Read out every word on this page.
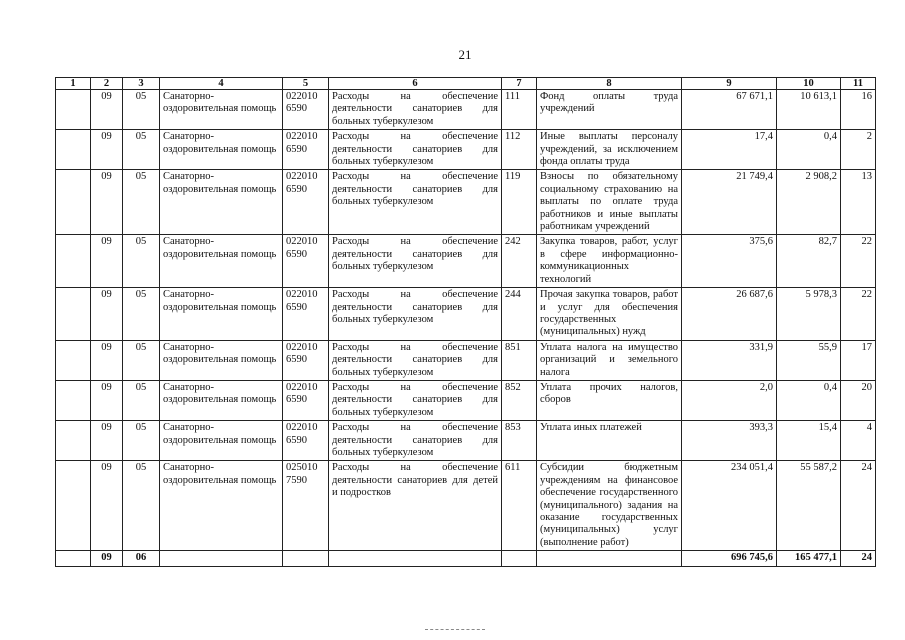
21
1	2	3	4	5	6	7	8	9	10	11
	09	05	Санаторно-оздоровительная помощь	022010 6590	Расходы на обеспечение деятельности санаториев для больных туберкулезом	111	Фонд оплаты труда учреждений	67 671,1	10 613,1	16
	09	05	Санаторно-оздоровительная помощь	022010 6590	Расходы на обеспечение деятельности санаториев для больных туберкулезом	112	Иные выплаты персоналу учреждений, за исключением фонда оплаты труда	17,4	0,4	2
	09	05	Санаторно-оздоровительная помощь	022010 6590	Расходы на обеспечение деятельности санаториев для больных туберкулезом	119	Взносы по обязательному социальному страхованию на выплаты по оплате труда работников и иные выплаты работникам учреждений	21 749,4	2 908,2	13
	09	05	Санаторно-оздоровительная помощь	022010 6590	Расходы на обеспечение деятельности санаториев для больных туберкулезом	242	Закупка товаров, работ, услуг в сфере информационно-коммуникационных технологий	375,6	82,7	22
	09	05	Санаторно-оздоровительная помощь	022010 6590	Расходы на обеспечение деятельности санаториев для больных туберкулезом	244	Прочая закупка товаров, работ и услуг для обеспечения государственных (муниципальных) нужд	26 687,6	5 978,3	22
	09	05	Санаторно-оздоровительная помощь	022010 6590	Расходы на обеспечение деятельности санаториев для больных туберкулезом	851	Уплата налога на имущество организаций и земельного налога	331,9	55,9	17
	09	05	Санаторно-оздоровительная помощь	022010 6590	Расходы на обеспечение деятельности санаториев для больных туберкулезом	852	Уплата прочих налогов, сборов	2,0	0,4	20
	09	05	Санаторно-оздоровительная помощь	022010 6590	Расходы на обеспечение деятельности санаториев для больных туберкулезом	853	Уплата иных платежей	393,3	15,4	4
	09	05	Санаторно-оздоровительная помощь	025010 7590	Расходы на обеспечение деятельности санаториев для детей и подростков	611	Субсидии бюджетным учреждениям на финансовое обеспечение государственного (муниципального) задания на оказание государственных (муниципальных) услуг (выполнение работ)	234 051,4	55 587,2	24
	09	06						696 745,6	165 477,1	24
